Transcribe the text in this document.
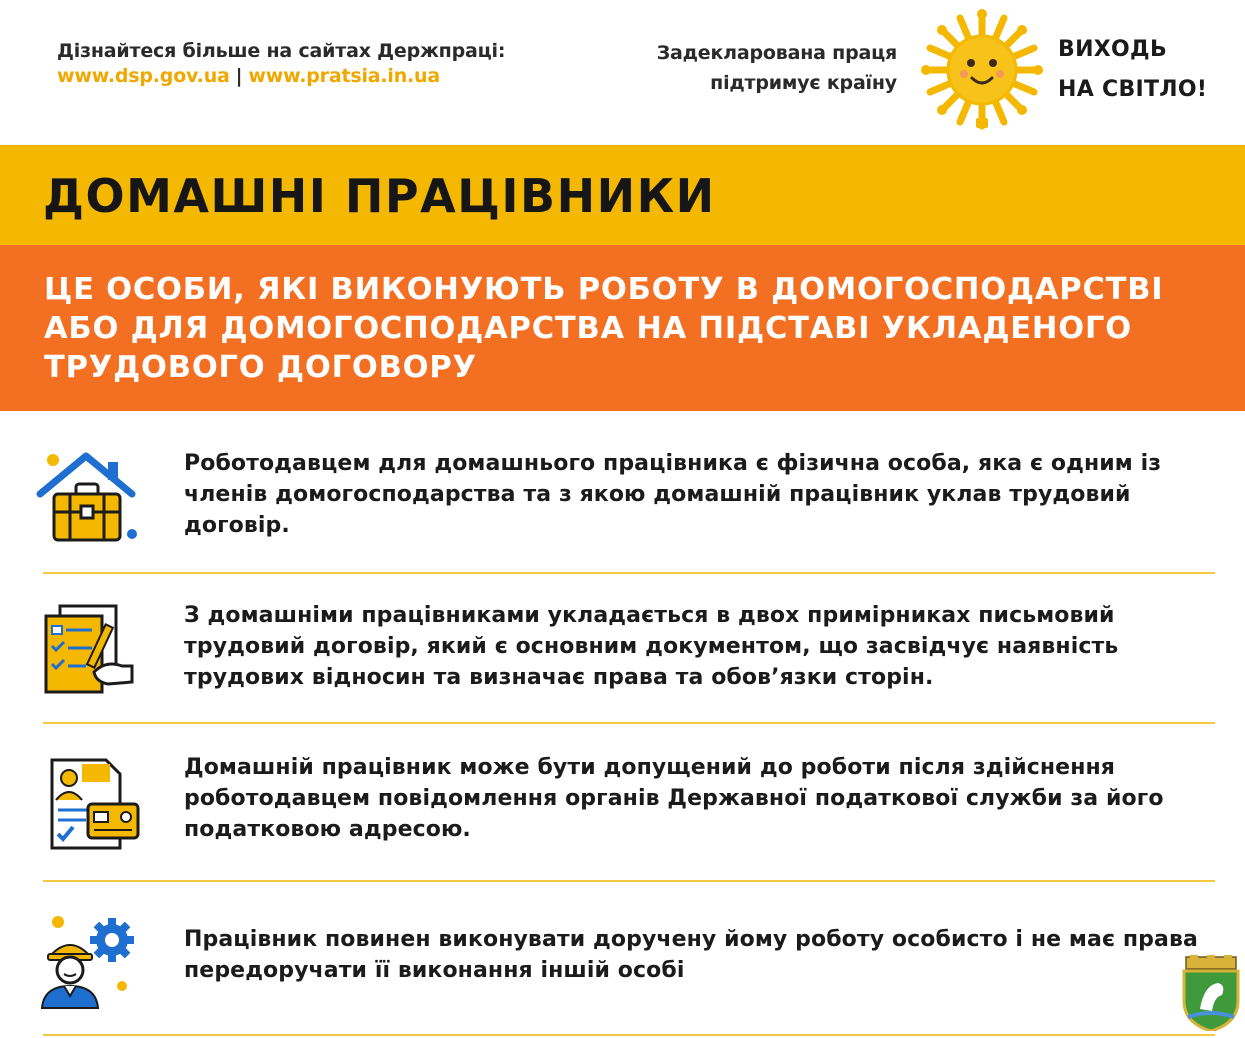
Дізнайтеся більше на сайтах Держпраці:
www.dsp.gov.ua | www.pratsia.in.ua
Задекларована праця
підтримує країну
ВИХОДЬ
НА СВІТЛО!
ДОМАШНІ ПРАЦІВНИКИ
ЦЕ ОСОБИ, ЯКІ ВИКОНУЮТЬ РОБОТУ В ДОМОГОСПОДАРСТВІ АБО ДЛЯ ДОМОГОСПОДАРСТВА НА ПІДСТАВІ УКЛАДЕНОГО ТРУДОВОГО ДОГОВОРУ
Роботодавцем для домашнього працівника є фізична особа, яка є одним із членів домогосподарства та з якою домашній працівник уклав трудовий договір.
З домашніми працівниками укладається в двох примірниках письмовий трудовий договір, який є основним документом, що засвідчує наявність трудових відносин та визначає права та обов’язки сторін.
Домашній працівник може бути допущений до роботи після здійснення роботодавцем повідомлення органів Державної податкової служби за його податковою адресою.
Працівник повинен виконувати доручену йому роботу особисто і не має права передоручати її виконання іншій особі
